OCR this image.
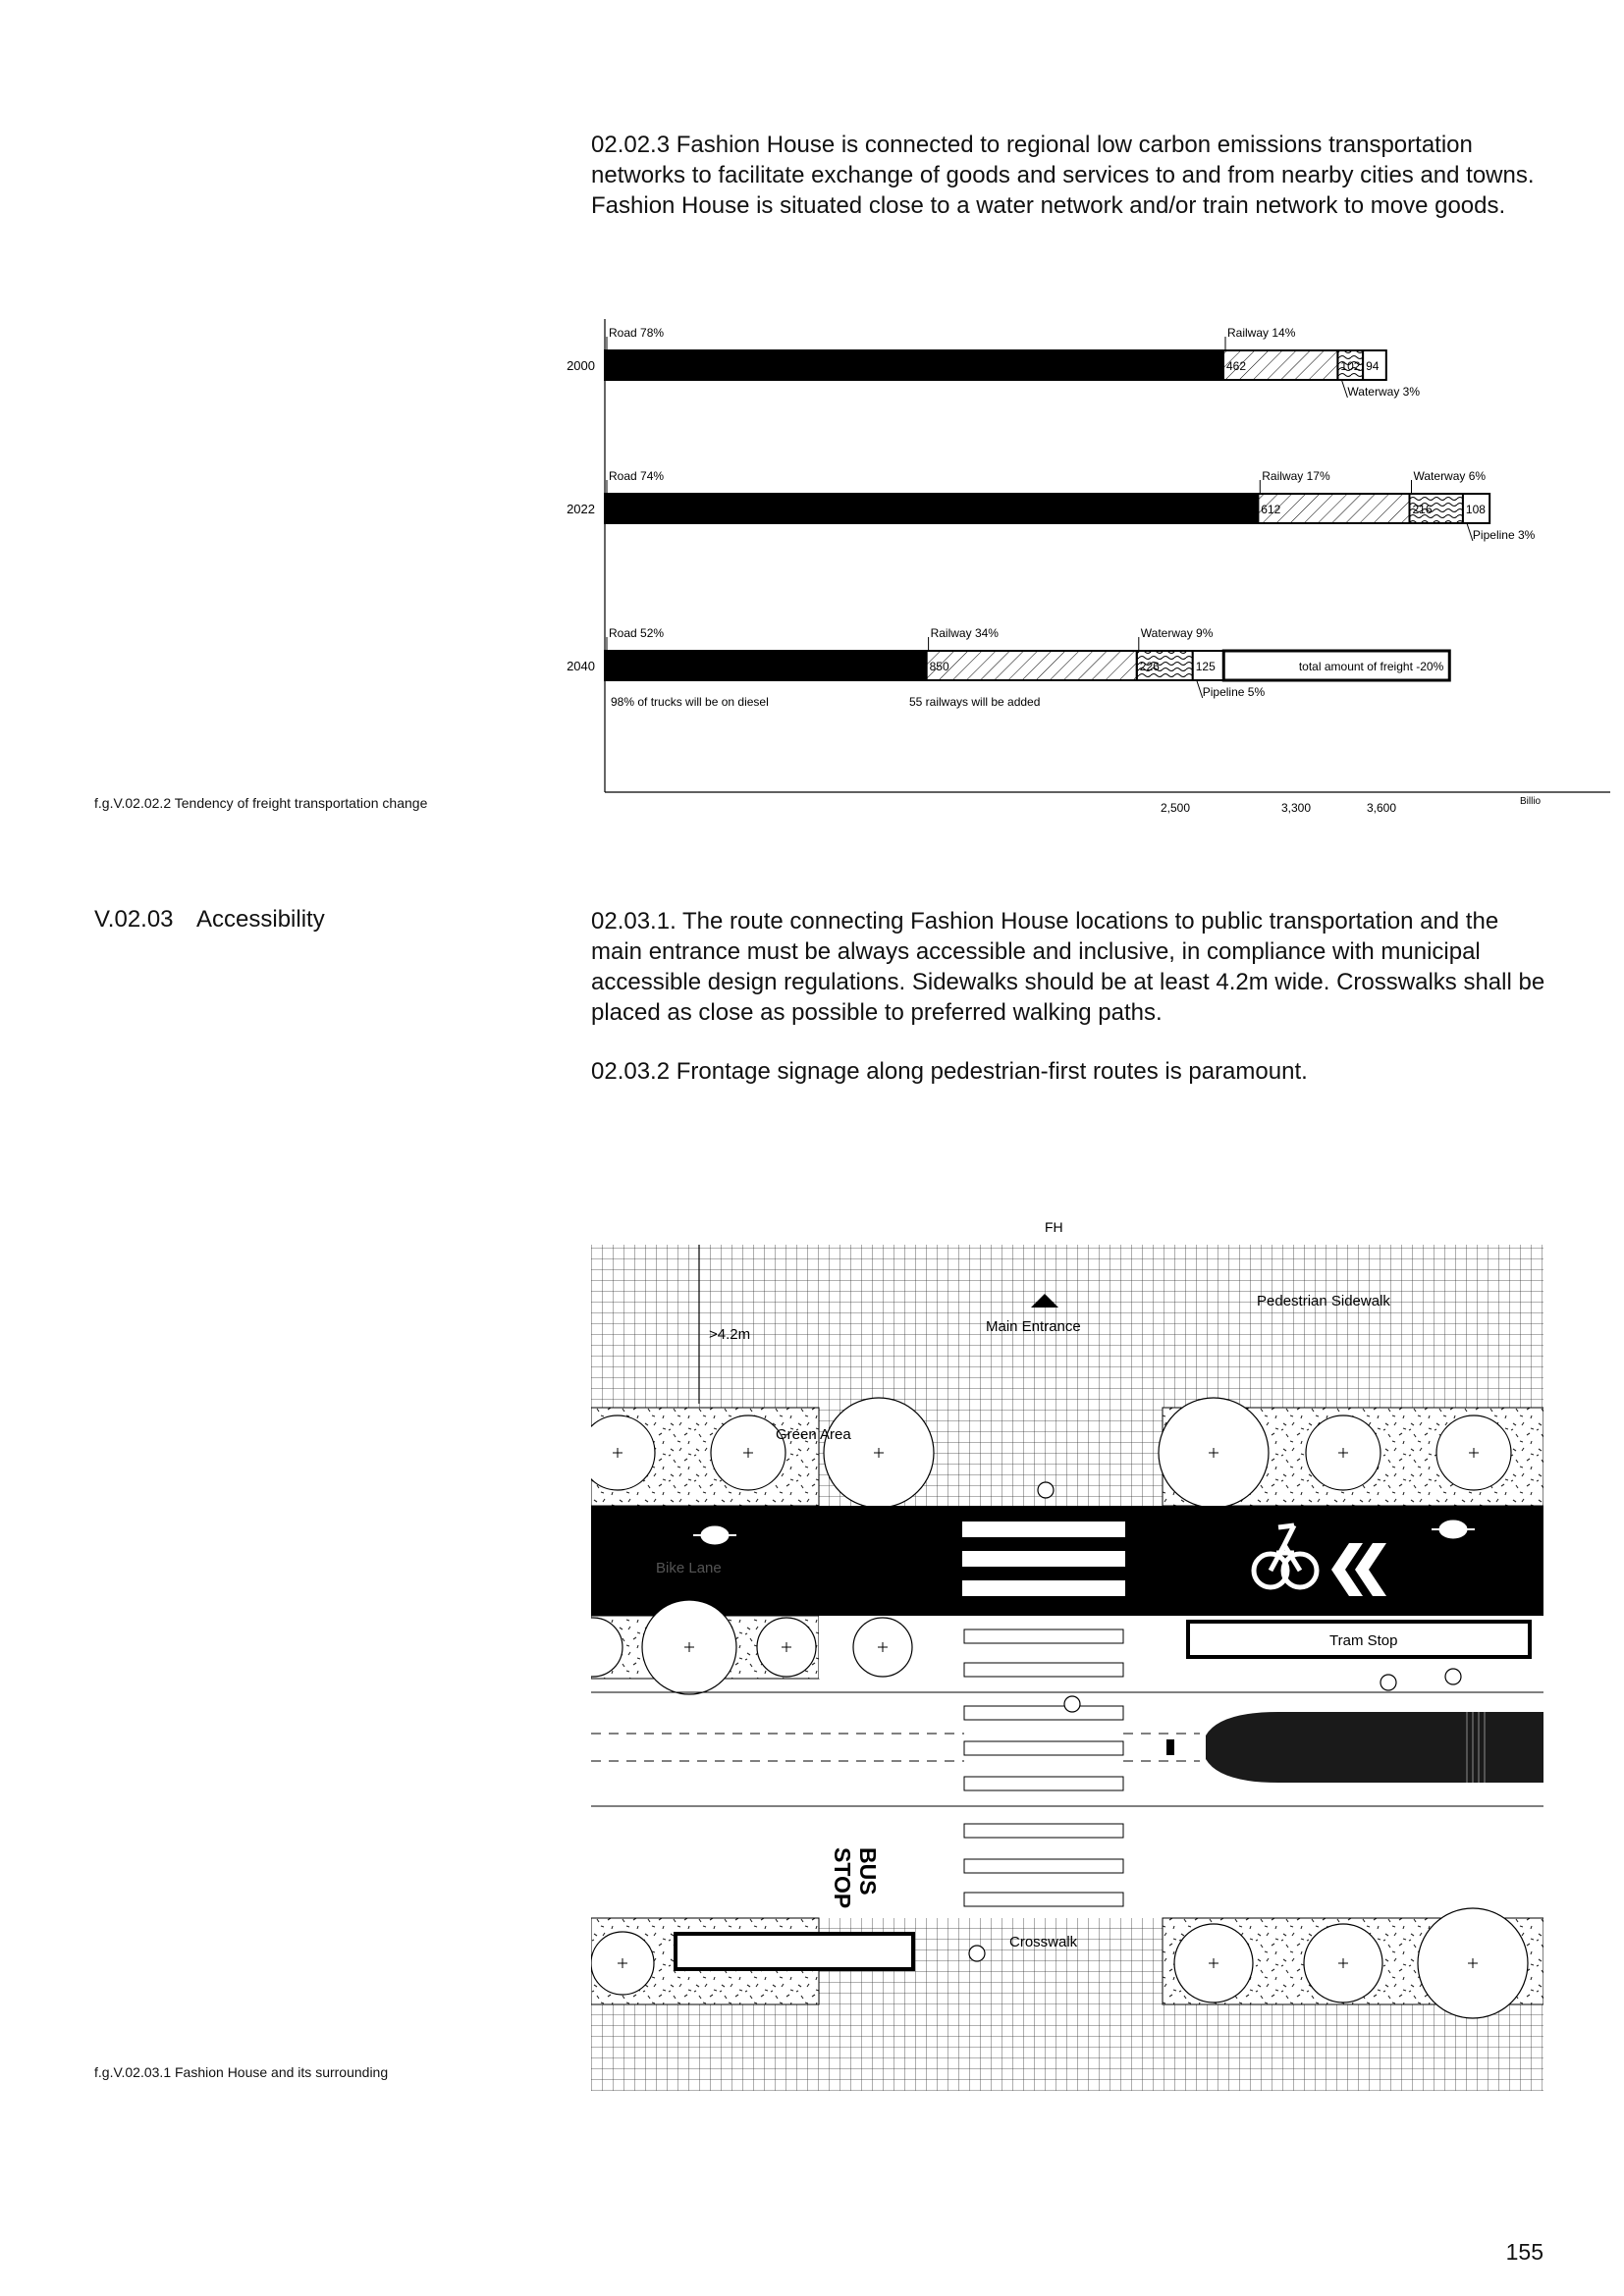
02.02.3 Fashion House is connected to regional low carbon emissions transportation networks to facilitate exchange of goods and services to and from nearby cities and towns. Fashion House is situated close to a water network and/or train network to move goods.
2000
Road 78%
462
Railway 14%
102
Waterway 3%
94
2022
Road 74%
612
Railway 17%
216
Waterway 6%
108
Pipeline 3%
2040
Road 52%
850
Railway 34%
226
Waterway 9%
125
Pipeline 5%
total amount of freight -20%
98% of trucks will be on diesel	55 railways will be added
2,500	3,300	3,600	Billio
f.g.V.02.02.2 Tendency of freight transportation change
V.02.03 Accessibility	02.03.1. The route connecting Fashion House locations to public transportation and the main entrance must be always accessible and inclusive, in compliance with municipal accessible design regulations. Sidewalks should be at least 4.2m wide. Crosswalks shall be placed as close as possible to preferred walking paths.
02.03.2 Frontage signage along pedestrian-first routes is paramount.
FH
>4.2m	Main Entrance
Pedestrian Sidewalk
Green Area
Bike Lane
Tram Stop
BUS
STOP
Crosswalk
f.g.V.02.03.1 Fashion House and its surrounding
155
